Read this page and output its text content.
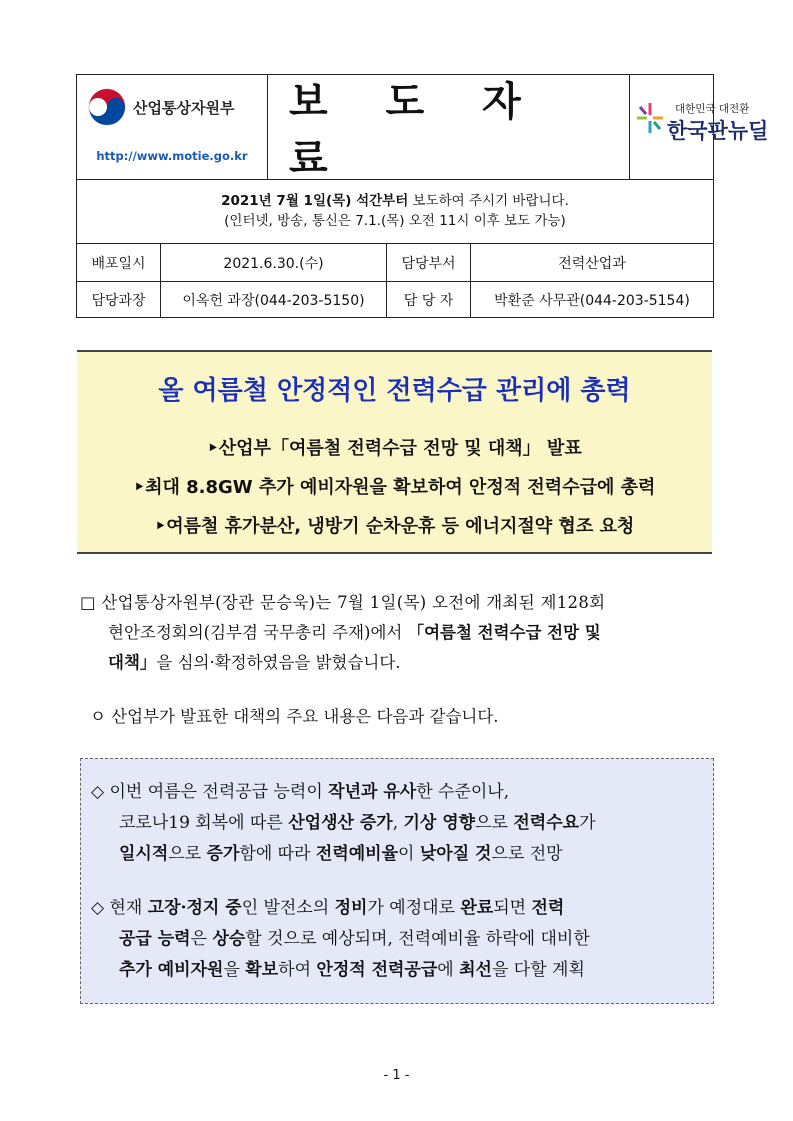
산업통상자원부
http://www.motie.go.kr
보 도 자 료
대한민국 대전환
한국판뉴딜
2021년 7월 1일(목) 석간부터 보도하여 주시기 바랍니다.
(인터넷, 방송, 통신은 7.1.(목) 오전 11시 이후 보도 가능)
배포일시	2021.6.30.(수)	담당부서	전력산업과
담당과장	이옥헌 과장(044-203-5150)	담 당 자	박환준 사무관(044-203-5154)
올 여름철 안정적인 전력수급 관리에 총력
‣산업부「여름철 전력수급 전망 및 대책」 발표
‣최대 8.8GW 추가 예비자원을 확보하여 안정적 전력수급에 총력
‣여름철 휴가분산, 냉방기 순차운휴 등 에너지절약 협조 요청
□ 산업통상자원부(장관 문승욱)는 7월 1일(목) 오전에 개최된 제128회
현안조정회의(김부겸 국무총리 주재)에서 「여름철 전력수급 전망 및
대책」을 심의·확정하였음을 밝혔습니다.
ㅇ 산업부가 발표한 대책의 주요 내용은 다음과 같습니다.
◇ 이번 여름은 전력공급 능력이 작년과 유사한 수준이나,
코로나19 회복에 따른 산업생산 증가, 기상 영향으로 전력수요가
일시적으로 증가함에 따라 전력예비율이 낮아질 것으로 전망
◇ 현재 고장·정지 중인 발전소의 정비가 예정대로 완료되면 전력
공급 능력은 상승할 것으로 예상되며, 전력예비율 하락에 대비한
추가 예비자원을 확보하여 안정적 전력공급에 최선을 다할 계획
- 1 -
